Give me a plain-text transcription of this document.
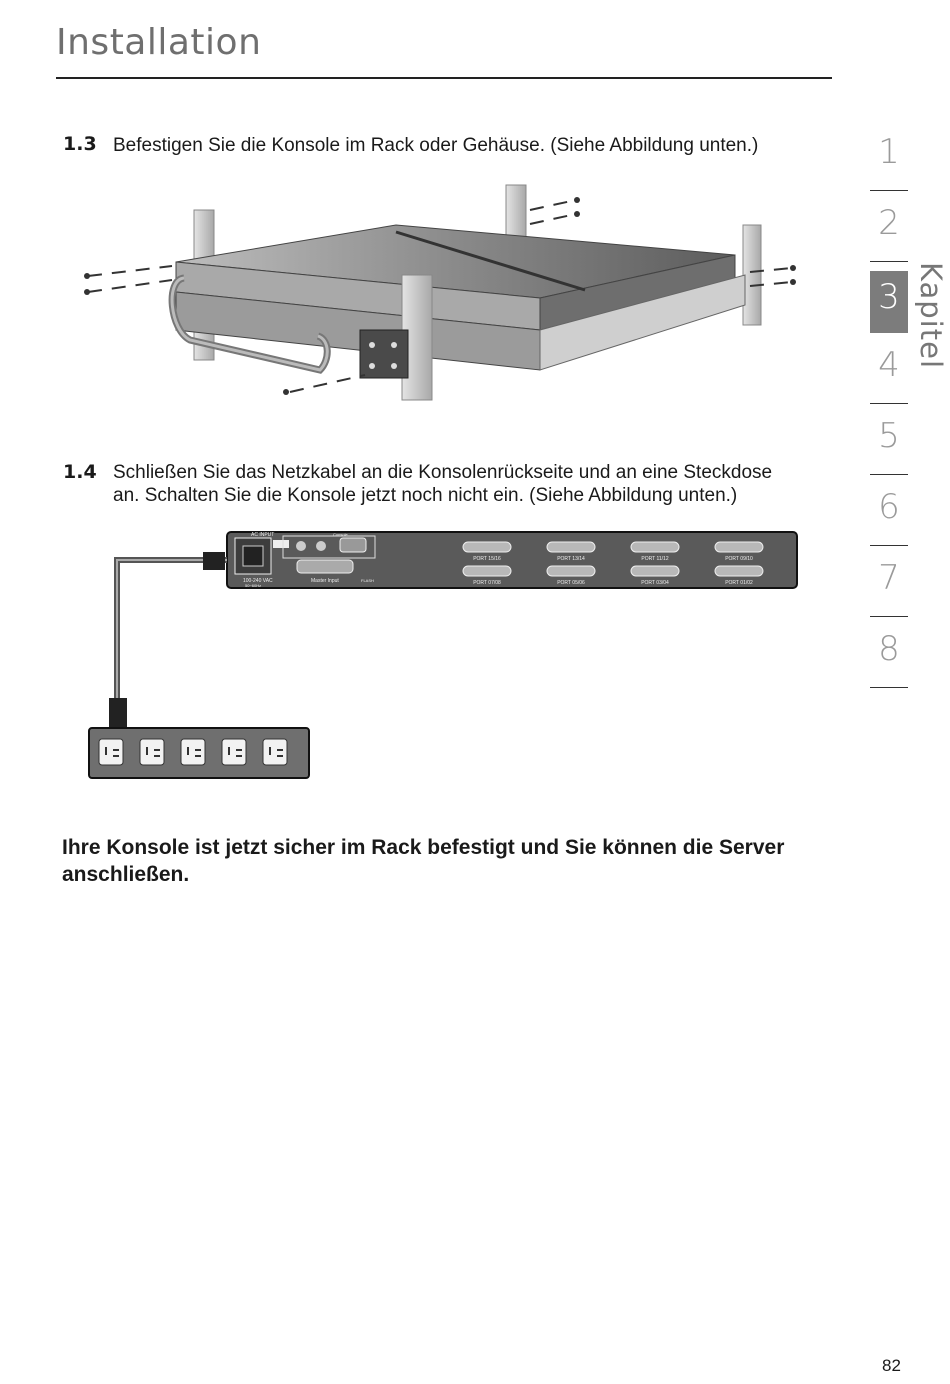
Installation
1.3 Befestigen Sie die Konsole im Rack oder Gehäuse. (Siehe Abbildung unten.)
1.4 Schließen Sie das Netzkabel an die Konsolenrückseite und an eine Steckdose
an. Schalten Sie die Konsole jetzt noch nicht ein. (Siehe Abbildung unten.)
AC INPUT
100-240 VAC
50~60Hz
Console
Master Input	FLASH
PORT 15/16	PORT 13/14	PORT 11/12	PORT 09/10
PORT 07/08	PORT 05/06	PORT 03/04	PORT 01/02
Ihre Konsole ist jetzt sicher im Rack befestigt und Sie können die Server anschließen.
1
2
3
4
5
6
7
8
Kapitel
82
